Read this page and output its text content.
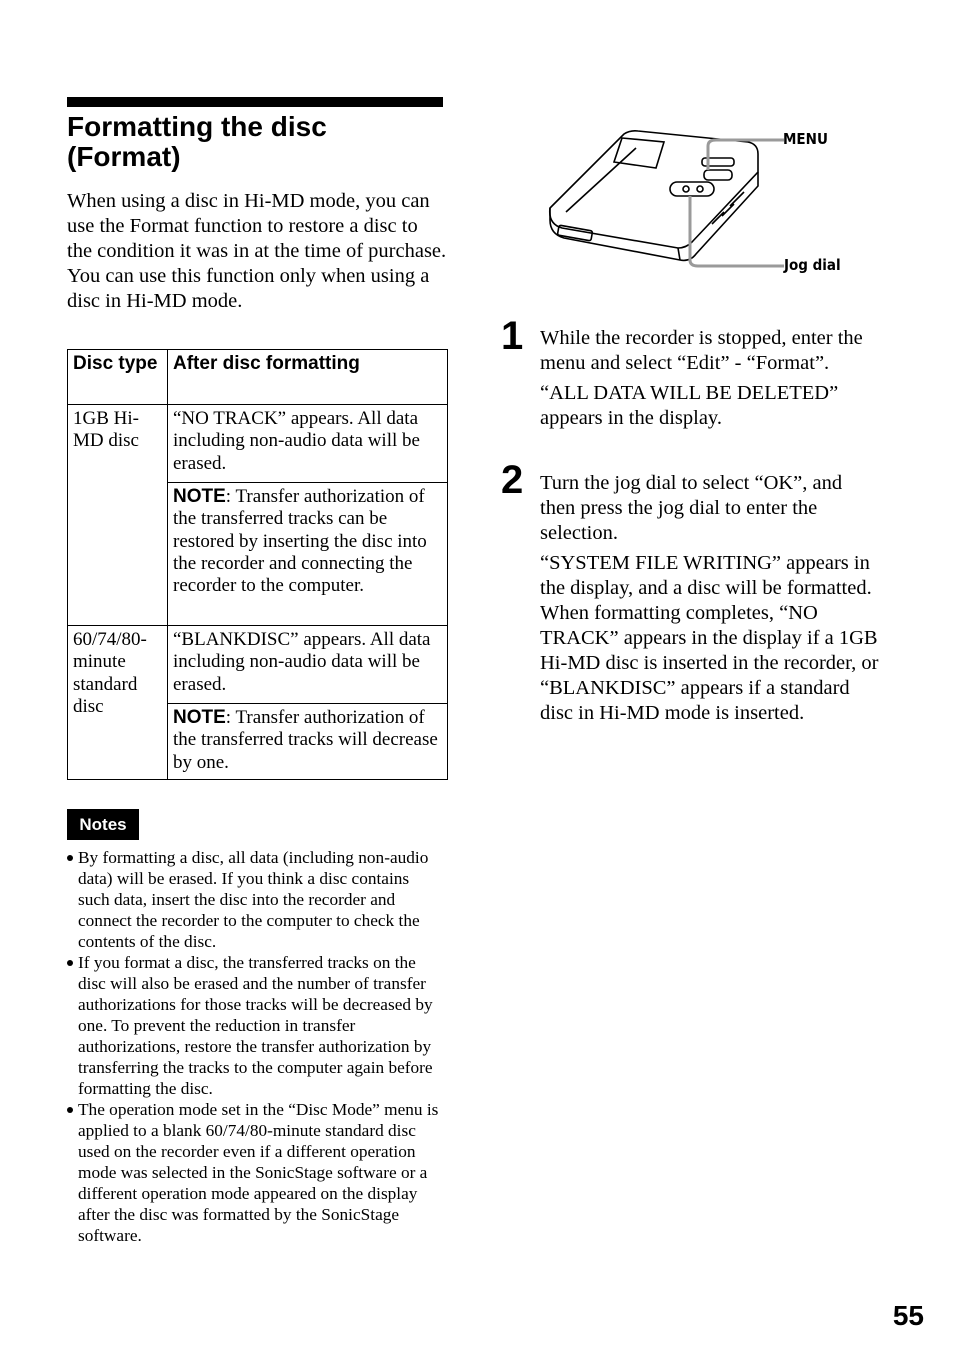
Formatting the disc (Format)

When using a disc in Hi-MD mode, you can use the Format function to restore a disc to the condition it was in at the time of purchase.

You can use this function only when using a disc in Hi-MD mode.

Disc type	After disc formatting
1GB Hi-MD disc	“NO TRACK” appears. All data including non-audio data will be erased.
	NOTE: Transfer authorization of the transferred tracks can be restored by inserting the disc into the recorder and connecting the recorder to the computer.
60/74/80-minute standard disc	“BLANKDISC” appears. All data including non-audio data will be erased.
	NOTE: Transfer authorization of the transferred tracks will decrease by one.
Notes
By formatting a disc, all data (including non-audio data) will be erased. If you think a disc contains such data, insert the disc into the recorder and connect the recorder to the computer to check the contents of the disc.
If you format a disc, the transferred tracks on the disc will also be erased and the number of transfer authorizations for those tracks will be decreased by one. To prevent the reduction in transfer authorizations, restore the transfer authorization by transferring the tracks to the computer again before formatting the disc.
The operation mode set in the “Disc Mode” menu is applied to a blank 60/74/80-minute standard disc used on the recorder even if a different operation mode was selected in the SonicStage software or a different operation mode appeared on the display after the disc was formatted by the SonicStage software.
MENU
Jog dial
1 While the recorder is stopped, enter the menu and select “Edit” - “Format”.

“ALL DATA WILL BE DELETED” appears in the display.

2 Turn the jog dial to select “OK”, and then press the jog dial to enter the selection.

“SYSTEM FILE WRITING” appears in the display, and a disc will be formatted.

When formatting completes, “NO TRACK” appears in the display if a 1GB Hi-MD disc is inserted in the recorder, or “BLANKDISC” appears if a standard disc in Hi-MD mode is inserted.

55
